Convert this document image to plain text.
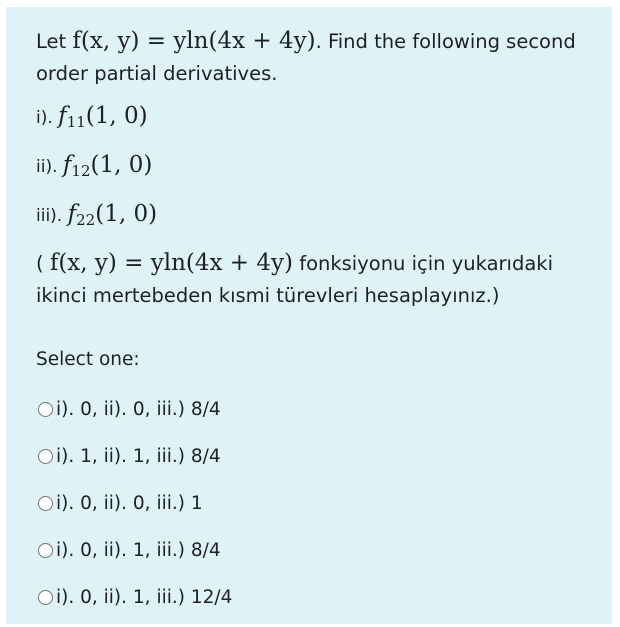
Let f(x, y) = yln(4x + 4y). Find the following second order partial derivatives.
i). $f_{11}(1$, 0)
ii). $f_{12}(1$, 0)
iii). $f_{22}(1$, 0)
( f(x, y) = yln(4x + 4y) fonksiyonu için yukarıdaki ikinci mertebeden kısmi türevleri hesaplayınız.)
Select one:
i). 0, ii). 0, iii.) 8/4
i). 1, ii). 1, iii.) 8/4
i). 0, ii). 0, iii.) 1
i). 0, ii). 1, iii.) 8/4
i). 0, ii). 1, iii.) 12/4
